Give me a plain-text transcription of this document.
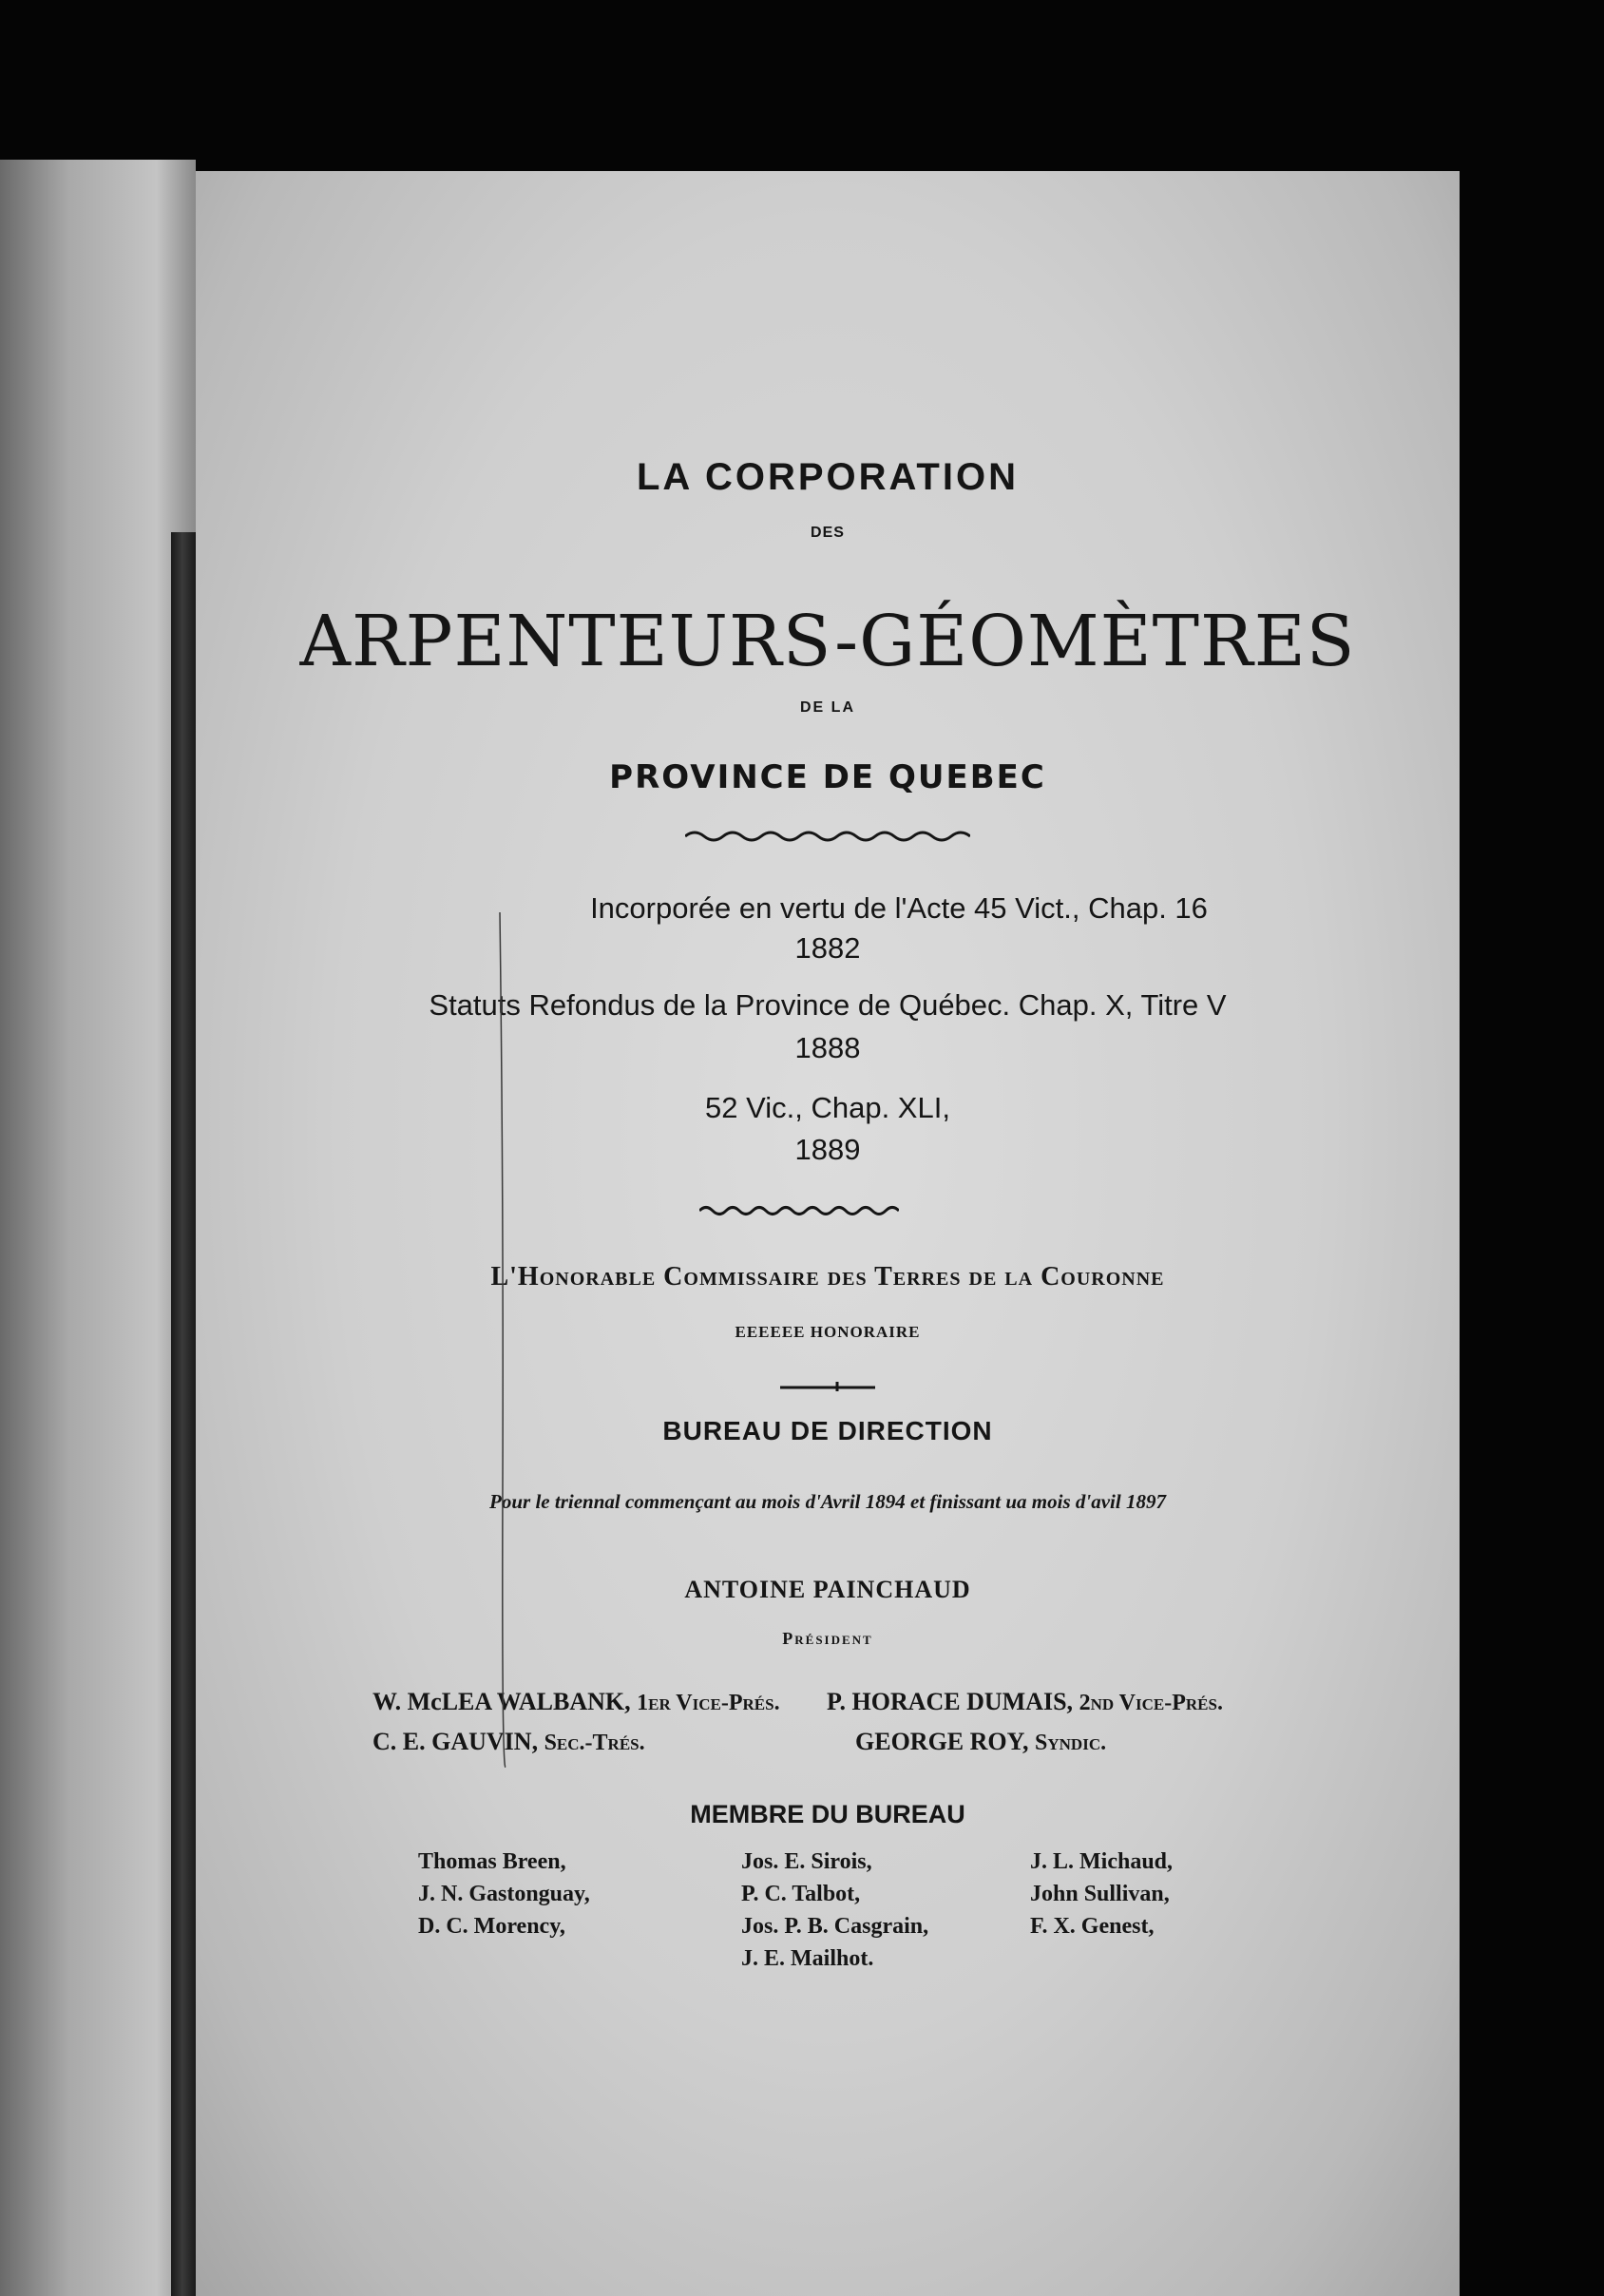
LA CORPORATION
DES
ARPENTEURS-GÉOMÈTRES
DE LA
PROVINCE DE QUEBEC
Incorporée en vertu de l'Acte 45 Vict., Chap. 16
1882
Statuts Refondus de la Province de Québec. Chap. X, Titre V
1888
52 Vic., Chap. XLI,
1889
L'Honorable Commissaire des Terres de la Couronne
EEEEEE HONORAIRE
BUREAU DE DIRECTION
Pour le triennal commençant au mois d'Avril 1894 et finissant ua mois d'avil 1897
ANTOINE PAINCHAUD
Président
W. McLEA WALBANK, 1er Vice-Prés. P. HORACE DUMAIS, 2nd Vice-Prés.
C. E. GAUVIN, Sec.-Trés.	GEORGE ROY, Syndic.
MEMBRE DU BUREAU
Thomas Breen,
J. N. Gastonguay,
D. C. Morency,
Jos. E. Sirois,
P. C. Talbot,
Jos. P. B. Casgrain,
J. E. Mailhot.
J. L. Michaud,
John Sullivan,
F. X. Genest,
